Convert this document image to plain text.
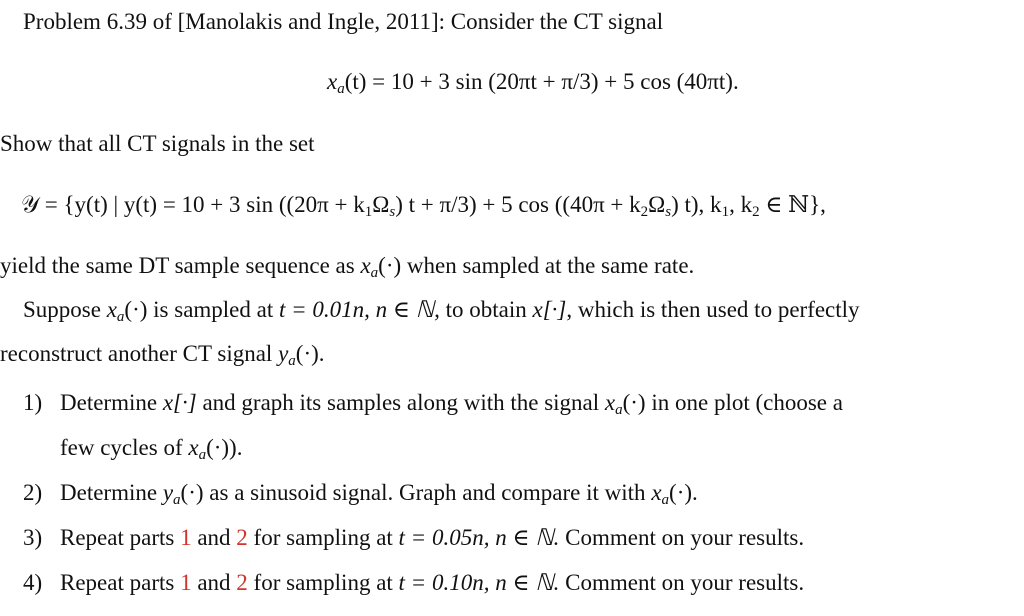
Problem 6.39 of [Manolakis and Ingle, 2011]: Consider the CT signal
$x_a(t) = 10 + 3$ sin (20πt + π/3) + 5 cos (40πt).
Show that all CT signals in the set
𝒴 = {y(t) | y(t) = 10 + 3 $\sin ((20\pi + k_1\Omega_s)$ t + π/3) + 5 $\cos ((40\pi + k_2\Omega_s)$ t), $k_1$, $k_2$ ∈ ℕ},
yield the same DT sample sequence as $x_a(\cdot)$ when sampled at the same rate.
Suppose $x_a(\cdot)$ is sampled at t = 0.01n, n ∈ ℕ, to obtain x[·], which is then used to perfectly
reconstruct another CT signal $y_a(\cdot)$.
1) Determine x[·] and graph its samples along with the signal $x_a(\cdot)$ in one plot (choose a
few cycles of $x_a(\cdot)$).
2) Determine $y_a(\cdot)$ as a sinusoid signal. Graph and compare it with $x_a(\cdot)$.
3) Repeat parts 1 and 2 for sampling at t = 0.05n, n ∈ ℕ. Comment on your results.
4) Repeat parts 1 and 2 for sampling at t = 0.10n, n ∈ ℕ. Comment on your results.
